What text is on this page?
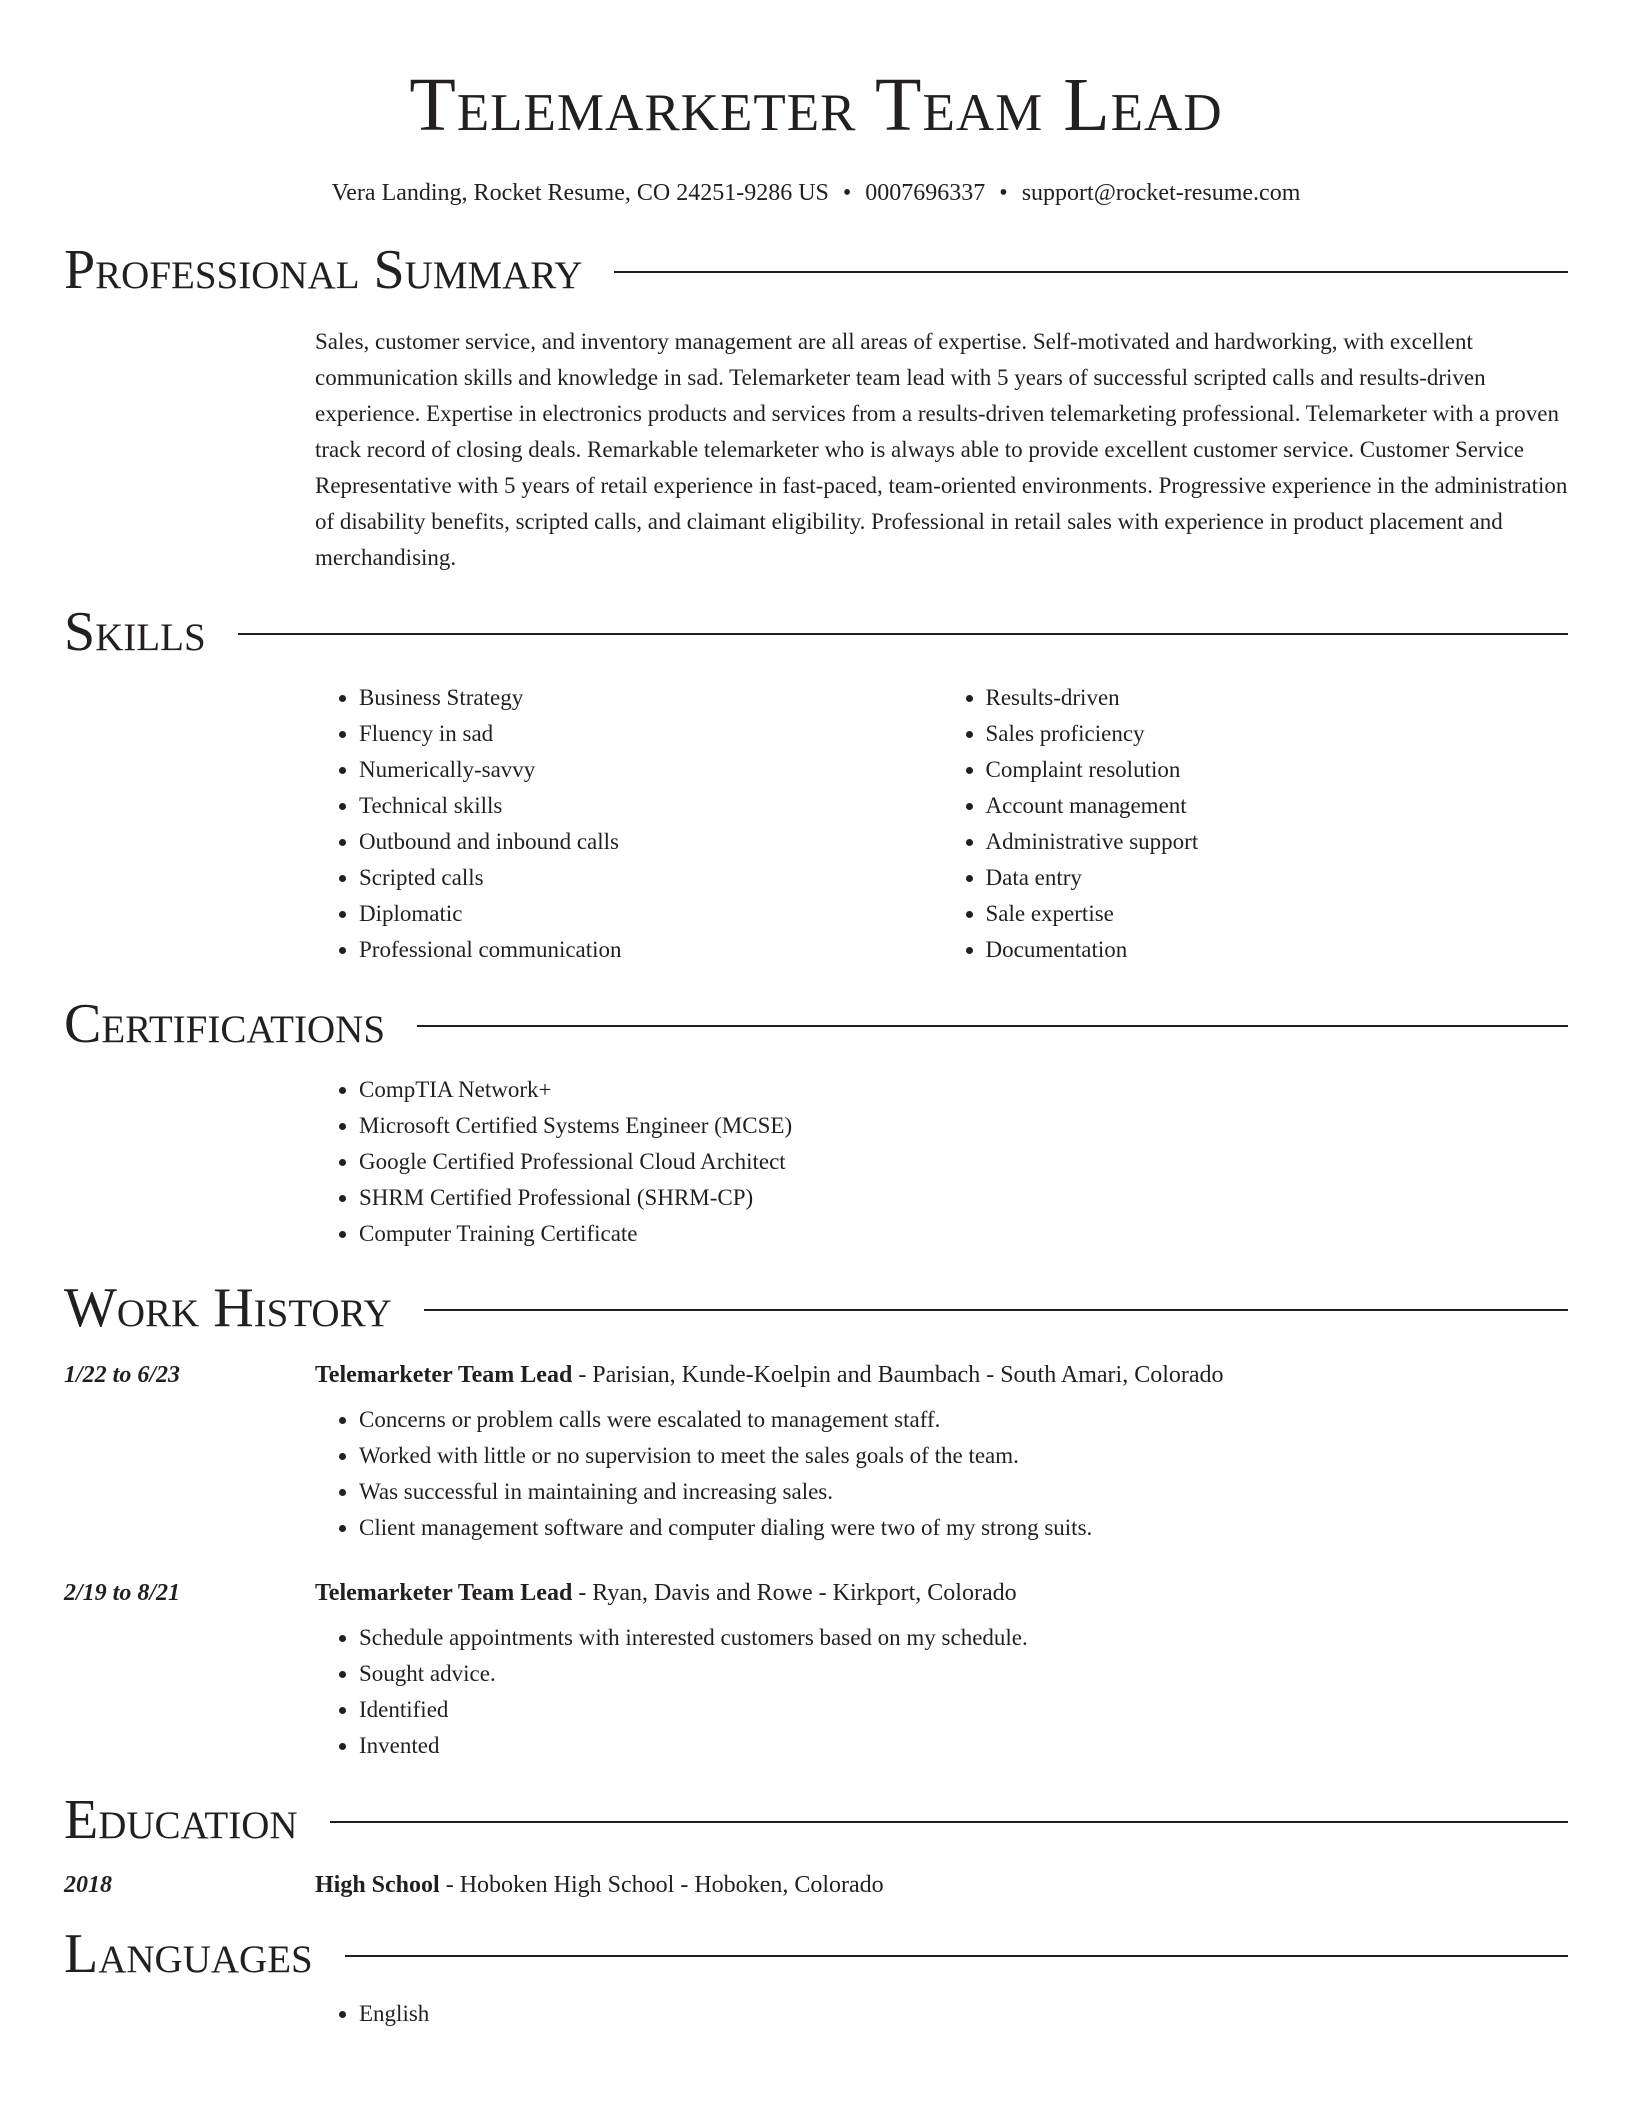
Telemarketer Team Lead
Vera Landing, Rocket Resume, CO 24251-9286 US • 0007696337 • support@rocket-resume.com
Professional Summary
Sales, customer service, and inventory management are all areas of expertise. Self-motivated and hardworking, with excellent communication skills and knowledge in sad. Telemarketer team lead with 5 years of successful scripted calls and results-driven experience. Expertise in electronics products and services from a results-driven telemarketing professional. Telemarketer with a proven track record of closing deals. Remarkable telemarketer who is always able to provide excellent customer service. Customer Service Representative with 5 years of retail experience in fast-paced, team-oriented environments. Progressive experience in the administration of disability benefits, scripted calls, and claimant eligibility. Professional in retail sales with experience in product placement and merchandising.
Skills
• Business Strategy
• Fluency in sad
• Numerically-savvy
• Technical skills
• Outbound and inbound calls
• Scripted calls
• Diplomatic
• Professional communication
• Results-driven
• Sales proficiency
• Complaint resolution
• Account management
• Administrative support
• Data entry
• Sale expertise
• Documentation
Certifications
• CompTIA Network+
• Microsoft Certified Systems Engineer (MCSE)
• Google Certified Professional Cloud Architect
• SHRM Certified Professional (SHRM-CP)
• Computer Training Certificate
Work History
1/22 to 6/23	Telemarketer Team Lead - Parisian, Kunde-Koelpin and Baumbach - South Amari, Colorado
• Concerns or problem calls were escalated to management staff.
• Worked with little or no supervision to meet the sales goals of the team.
• Was successful in maintaining and increasing sales.
• Client management software and computer dialing were two of my strong suits.
2/19 to 8/21	Telemarketer Team Lead - Ryan, Davis and Rowe - Kirkport, Colorado
• Schedule appointments with interested customers based on my schedule.
• Sought advice.
• Identified
• Invented
Education
2018	High School - Hoboken High School - Hoboken, Colorado
Languages
• English
